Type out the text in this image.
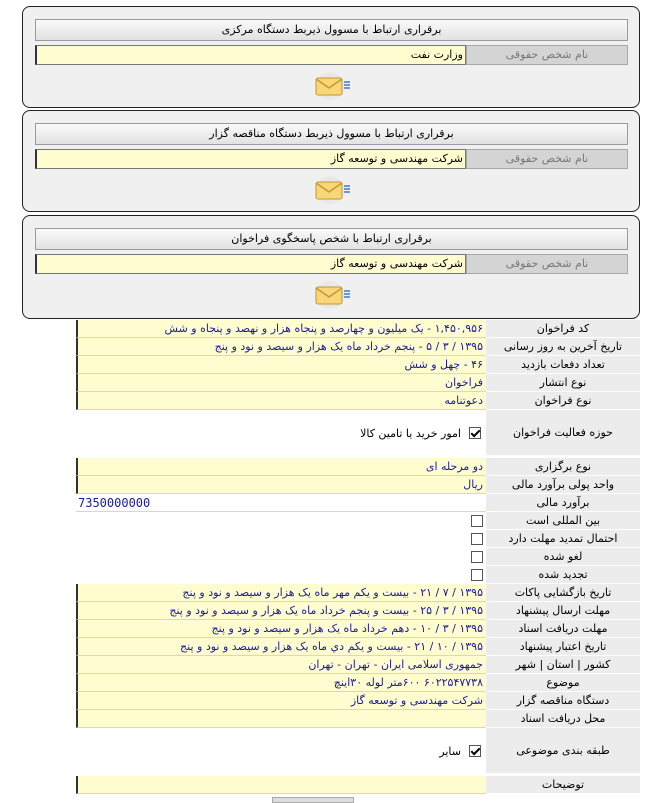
برقراری ارتباط با مسوول ذیربط دستگاه مرکزی
نام شخص حقوقی
وزارت نفت
برقراری ارتباط با مسوول ذیربط دستگاه مناقصه گزار
نام شخص حقوقی
شرکت مهندسی و توسعه گاز
برقراری ارتباط با شخص پاسخگوی فراخوان
نام شخص حقوقی
شرکت مهندسی و توسعه گاز
کد فراخوان
۱,۴۵۰,۹۵۶ - یک میلیون و چهارصد و پنجاه هزار و نهصد و پنجاه و شش
تاریخ آخرین به روز رسانی
۱۳۹۵ / ۳ / ۵ - پنجم خرداد ماه یک هزار و سیصد و نود و پنج
تعداد دفعات بازدید
۴۶ - چهل و شش
نوع انتشار
فراخوان
نوع فراخوان
دعوتنامه
حوزه فعالیت فراخوان
امور خرید یا تامین کالا
نوع برگزاری
دو مرحله ای
واحد پولی برآورد مالی
ریال
برآورد مالی
7350000000
بین المللی است
احتمال تمدید مهلت دارد
لغو شده
تجدید شده
تاریخ بازگشایی پاکات
۱۳۹۵ / ۷ / ۲۱ - بیست و یکم مهر ماه یک هزار و سیصد و نود و پنج
مهلت ارسال پیشنهاد
۱۳۹۵ / ۳ / ۲۵ - بیست و پنجم خرداد ماه یک هزار و سیصد و نود و پنج
مهلت دریافت اسناد
۱۳۹۵ / ۳ / ۱۰ - دهم خرداد ماه یک هزار و سیصد و نود و پنج
تاریخ اعتبار پیشنهاد
۱۳۹۵ / ۱۰ / ۲۱ - بیست و یکم دي ماه یک هزار و سیصد و نود و پنج
کشور | استان | شهر
جمهوری اسلامی ایران - تهران - تهران
موضوع
۶۰۲۲۵۴۷۷۳۸ ۶۰۰متر لوله ۳۰اینچ
دستگاه مناقصه گزار
شرکت مهندسی و توسعه گاز
محل دریافت اسناد
طبقه بندی موضوعی
سایر
توضیحات
